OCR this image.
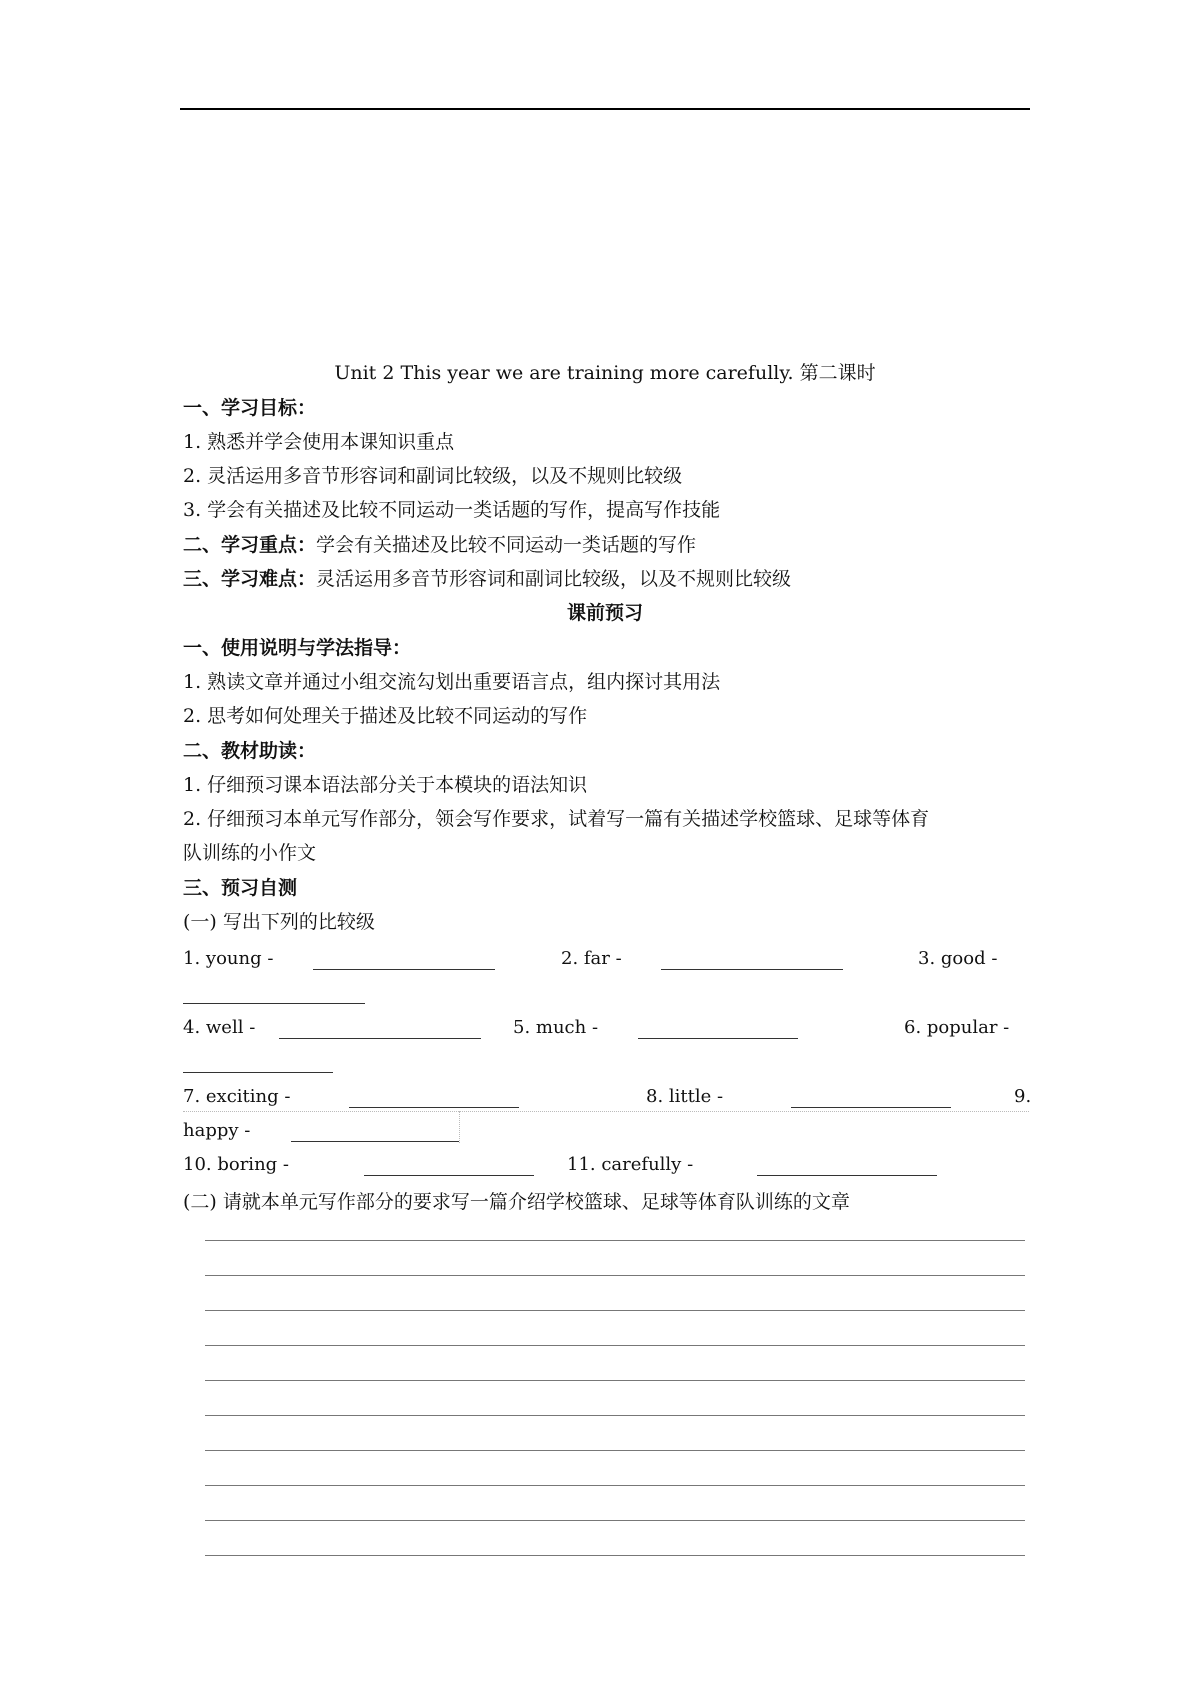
Unit 2 This year we are training more carefully. 第二课时
一、学习目标：
1. 熟悉并学会使用本课知识重点
2. 灵活运用多音节形容词和副词比较级，以及不规则比较级
3. 学会有关描述及比较不同运动一类话题的写作，提高写作技能
二、学习重点：学会有关描述及比较不同运动一类话题的写作
三、学习难点：灵活运用多音节形容词和副词比较级，以及不规则比较级
课前预习
一、使用说明与学法指导：
1. 熟读文章并通过小组交流勾划出重要语言点，组内探讨其用法
2. 思考如何处理关于描述及比较不同运动的写作
二、教材助读：
1. 仔细预习课本语法部分关于本模块的语法知识
2. 仔细预习本单元写作部分，领会写作要求，试着写一篇有关描述学校篮球、足球等体育
队训练的小作文
三、预习自测
(一) 写出下列的比较级
1. young -	2. far -	3. good -
4. well -	5. much -	6. popular -
7. exciting -	8. little -	9.
happy -
10. boring -	11. carefully -
(二) 请就本单元写作部分的要求写一篇介绍学校篮球、足球等体育队训练的文章
